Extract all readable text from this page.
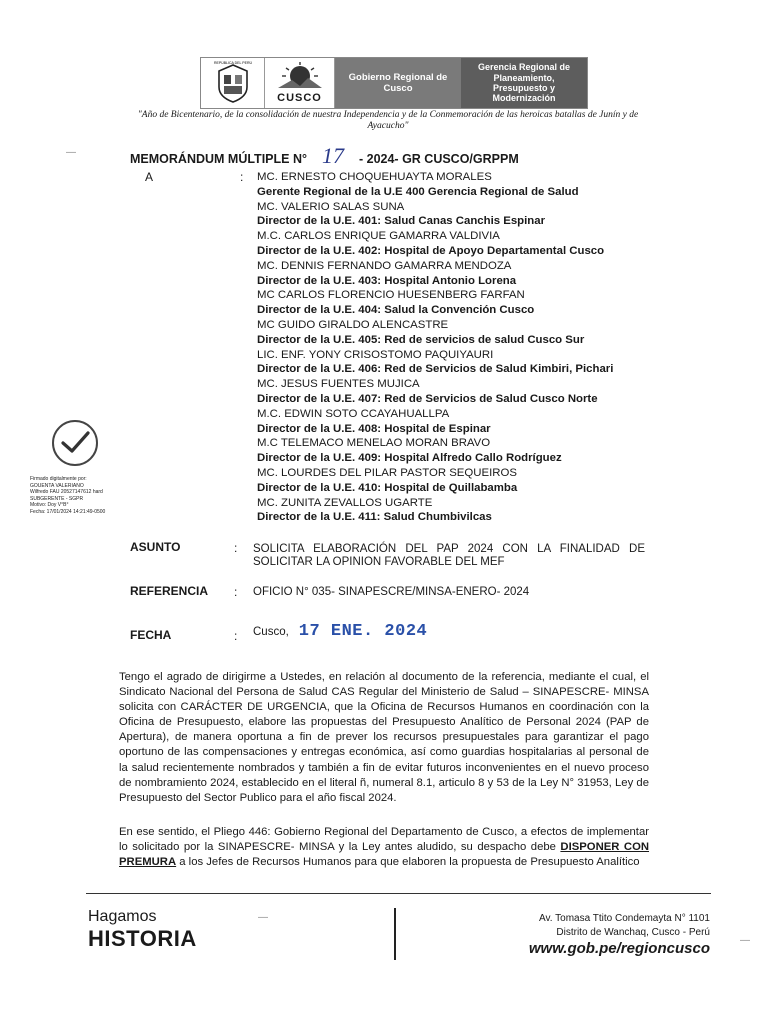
REPÚBLICA DEL PERÚ
CUSCO
Gobierno Regional de Cusco
Gerencia Regional de Planeamiento, Presupuesto y Modernización
"Año de Bicentenario, de la consolidación de nuestra Independencia y de la Conmemoración de las heroicas batallas de Junín y de Ayacucho"
MEMORÁNDUM MÚLTIPLE N° 17	- 2024- GR CUSCO/GRPPM
A	: MC. ERNESTO CHOQUEHUAYTA MORALES
Gerente Regional de la U.E 400 Gerencia Regional de Salud
MC. VALERIO SALAS SUNA
Director de la U.E. 401: Salud Canas Canchis Espinar
M.C. CARLOS ENRIQUE GAMARRA VALDIVIA
Director de la U.E. 402: Hospital de Apoyo Departamental Cusco
MC. DENNIS FERNANDO GAMARRA MENDOZA
Director de la U.E. 403: Hospital Antonio Lorena
MC CARLOS FLORENCIO HUESENBERG FARFAN
Director de la U.E. 404: Salud la Convención Cusco
MC GUIDO GIRALDO ALENCASTRE
Director de la U.E. 405: Red de servicios de salud Cusco Sur
LIC. ENF. YONY CRISOSTOMO PAQUIYAURI
Director de la U.E. 406: Red de Servicios de Salud Kimbiri, Pichari
MC. JESUS FUENTES MUJICA
Director de la U.E. 407: Red de Servicios de Salud Cusco Norte
M.C. EDWIN SOTO CCAYAHUALLPA
Director de la U.E. 408: Hospital de Espinar
M.C TELEMACO MENELAO MORAN BRAVO
Director de la U.E. 409: Hospital Alfredo Callo Rodríguez
MC. LOURDES DEL PILAR PASTOR SEQUEIROS
Director de la U.E. 410: Hospital de Quillabamba
MC. ZUNITA ZEVALLOS UGARTE
Director de la U.E. 411: Salud Chumbivilcas
Firmado digitalmente por:
GOUENTA VALERIANO
Wilfredo FAU 20527147612 hard
SUBGERENTE - SGPR
Motivo: Doy V°B°
Fecha: 17/01/2024 14:21:49-0500
ASUNTO	: SOLICITA ELABORACIÓN DEL PAP 2024 CON LA FINALIDAD DE SOLICITAR LA OPINION FAVORABLE DEL MEF
REFERENCIA : OFICIO N° 035- SINAPESCRE/MINSA-ENERO- 2024
FECHA	: Cusco, 17 ENE. 2024
Tengo el agrado de dirigirme a Ustedes, en relación al documento de la referencia, mediante el cual, el Sindicato Nacional del Persona de Salud CAS Regular del Ministerio de Salud – SINAPESCRE- MINSA solicita con CARÁCTER DE URGENCIA, que la Oficina de Recursos Humanos en coordinación con la Oficina de Presupuesto, elabore las propuestas del Presupuesto Analítico de Personal 2024 (PAP de Apertura), de manera oportuna a fin de prever los recursos presupuestales para garantizar el pago oportuno de las compensaciones y entregas económica, así como guardias hospitalarias al personal de la salud recientemente nombrados y también a fin de evitar futuros inconvenientes en el nuevo proceso de nombramiento 2024, establecido en el literal ñ, numeral 8.1, articulo 8 y 53 de la Ley N° 31953, Ley de Presupuesto del Sector Publico para el año fiscal 2024.
En ese sentido, el Pliego 446: Gobierno Regional del Departamento de Cusco, a efectos de implementar lo solicitado por la SINAPESCRE- MINSA y la Ley antes aludido, su despacho debe DISPONER CON PREMURA a los Jefes de Recursos Humanos para que elaboren la propuesta de Presupuesto Analítico
Hagamos
HISTORIA
Av. Tomasa Ttito Condemayta N° 1101
Distrito de Wanchaq, Cusco - Perú
www.gob.pe/regioncusco
—
—
—
